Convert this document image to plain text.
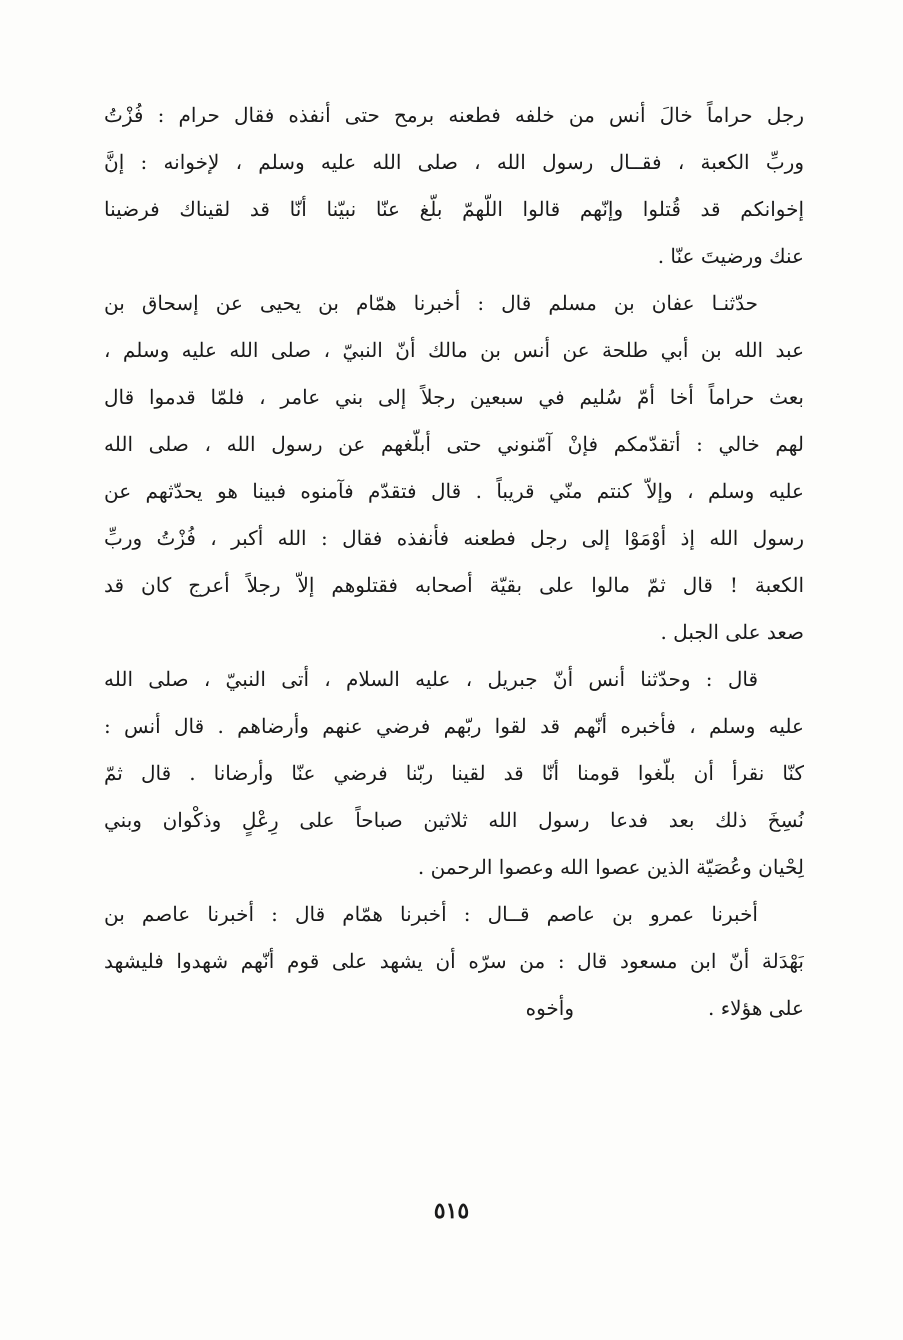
رجل حراماً خالَ أنس من خلفه فطعنه برمح حتى أنفذه فقال حرام : فُزْتُ
وربِّ الكعبة ، فقــال رسول الله ، صلى الله عليه وسلم ، لإخوانه : إنَّ
إخوانكم قد قُتلوا وإنّهم قالوا اللّهمّ بلّغ عنّا نبيّنا أنّا قد لقيناك فرضينا
عنك ورضيتَ عنّا .
حدّثنـا عفان بن مسلم قال : أخبرنا همّام بن يحيى عن إسحاق بن
عبد الله بن أبي طلحة عن أنس بن مالك أنّ النبيّ ، صلى الله عليه وسلم ،
بعث حراماً أخا أمّ سُليم في سبعين رجلاً إلى بني عامر ، فلمّا قدموا قال
لهم خالي : أتقدّمكم فإنْ آمّنوني حتى أبلّغهم عن رسول الله ، صلى الله
عليه وسلم ، وإلاّ كنتم منّي قريباً . قال فتقدّم فآمنوه فبينا هو يحدّثهم عن
رسول الله إذ أوْمَوْا إلى رجل فطعنه فأنفذه فقال : الله أكبر ، فُزْتُ وربِّ
الكعبة ! قال ثمّ مالوا على بقيّة أصحابه فقتلوهم إلاّ رجلاً أعرج كان قد
صعد على الجبل .
قال : وحدّثنا أنس أنّ جبريل ، عليه السلام ، أتى النبيّ ، صلى الله
عليه وسلم ، فأخبره أنّهم قد لقوا ربّهم فرضي عنهم وأرضاهم . قال أنس :
كنّا نقرأ أن بلّغوا قومنا أنّا قد لقينا ربّنا فرضي عنّا وأرضانا . قال ثمّ
نُسِخَ ذلك بعد فدعا رسول الله ثلاثين صباحاً على رِعْلٍ وذكْوان وبني
لِحْيان وعُصَيّة الذين عصوا الله وعصوا الرحمن .
أخبرنا عمرو بن عاصم قــال : أخبرنا همّام قال : أخبرنا عاصم بن
بَهْدَلة أنّ ابن مسعود قال : من سرّه أن يشهد على قوم أنّهم شهدوا فليشهد
على هؤلاء .
وأخوه
٥١٥
